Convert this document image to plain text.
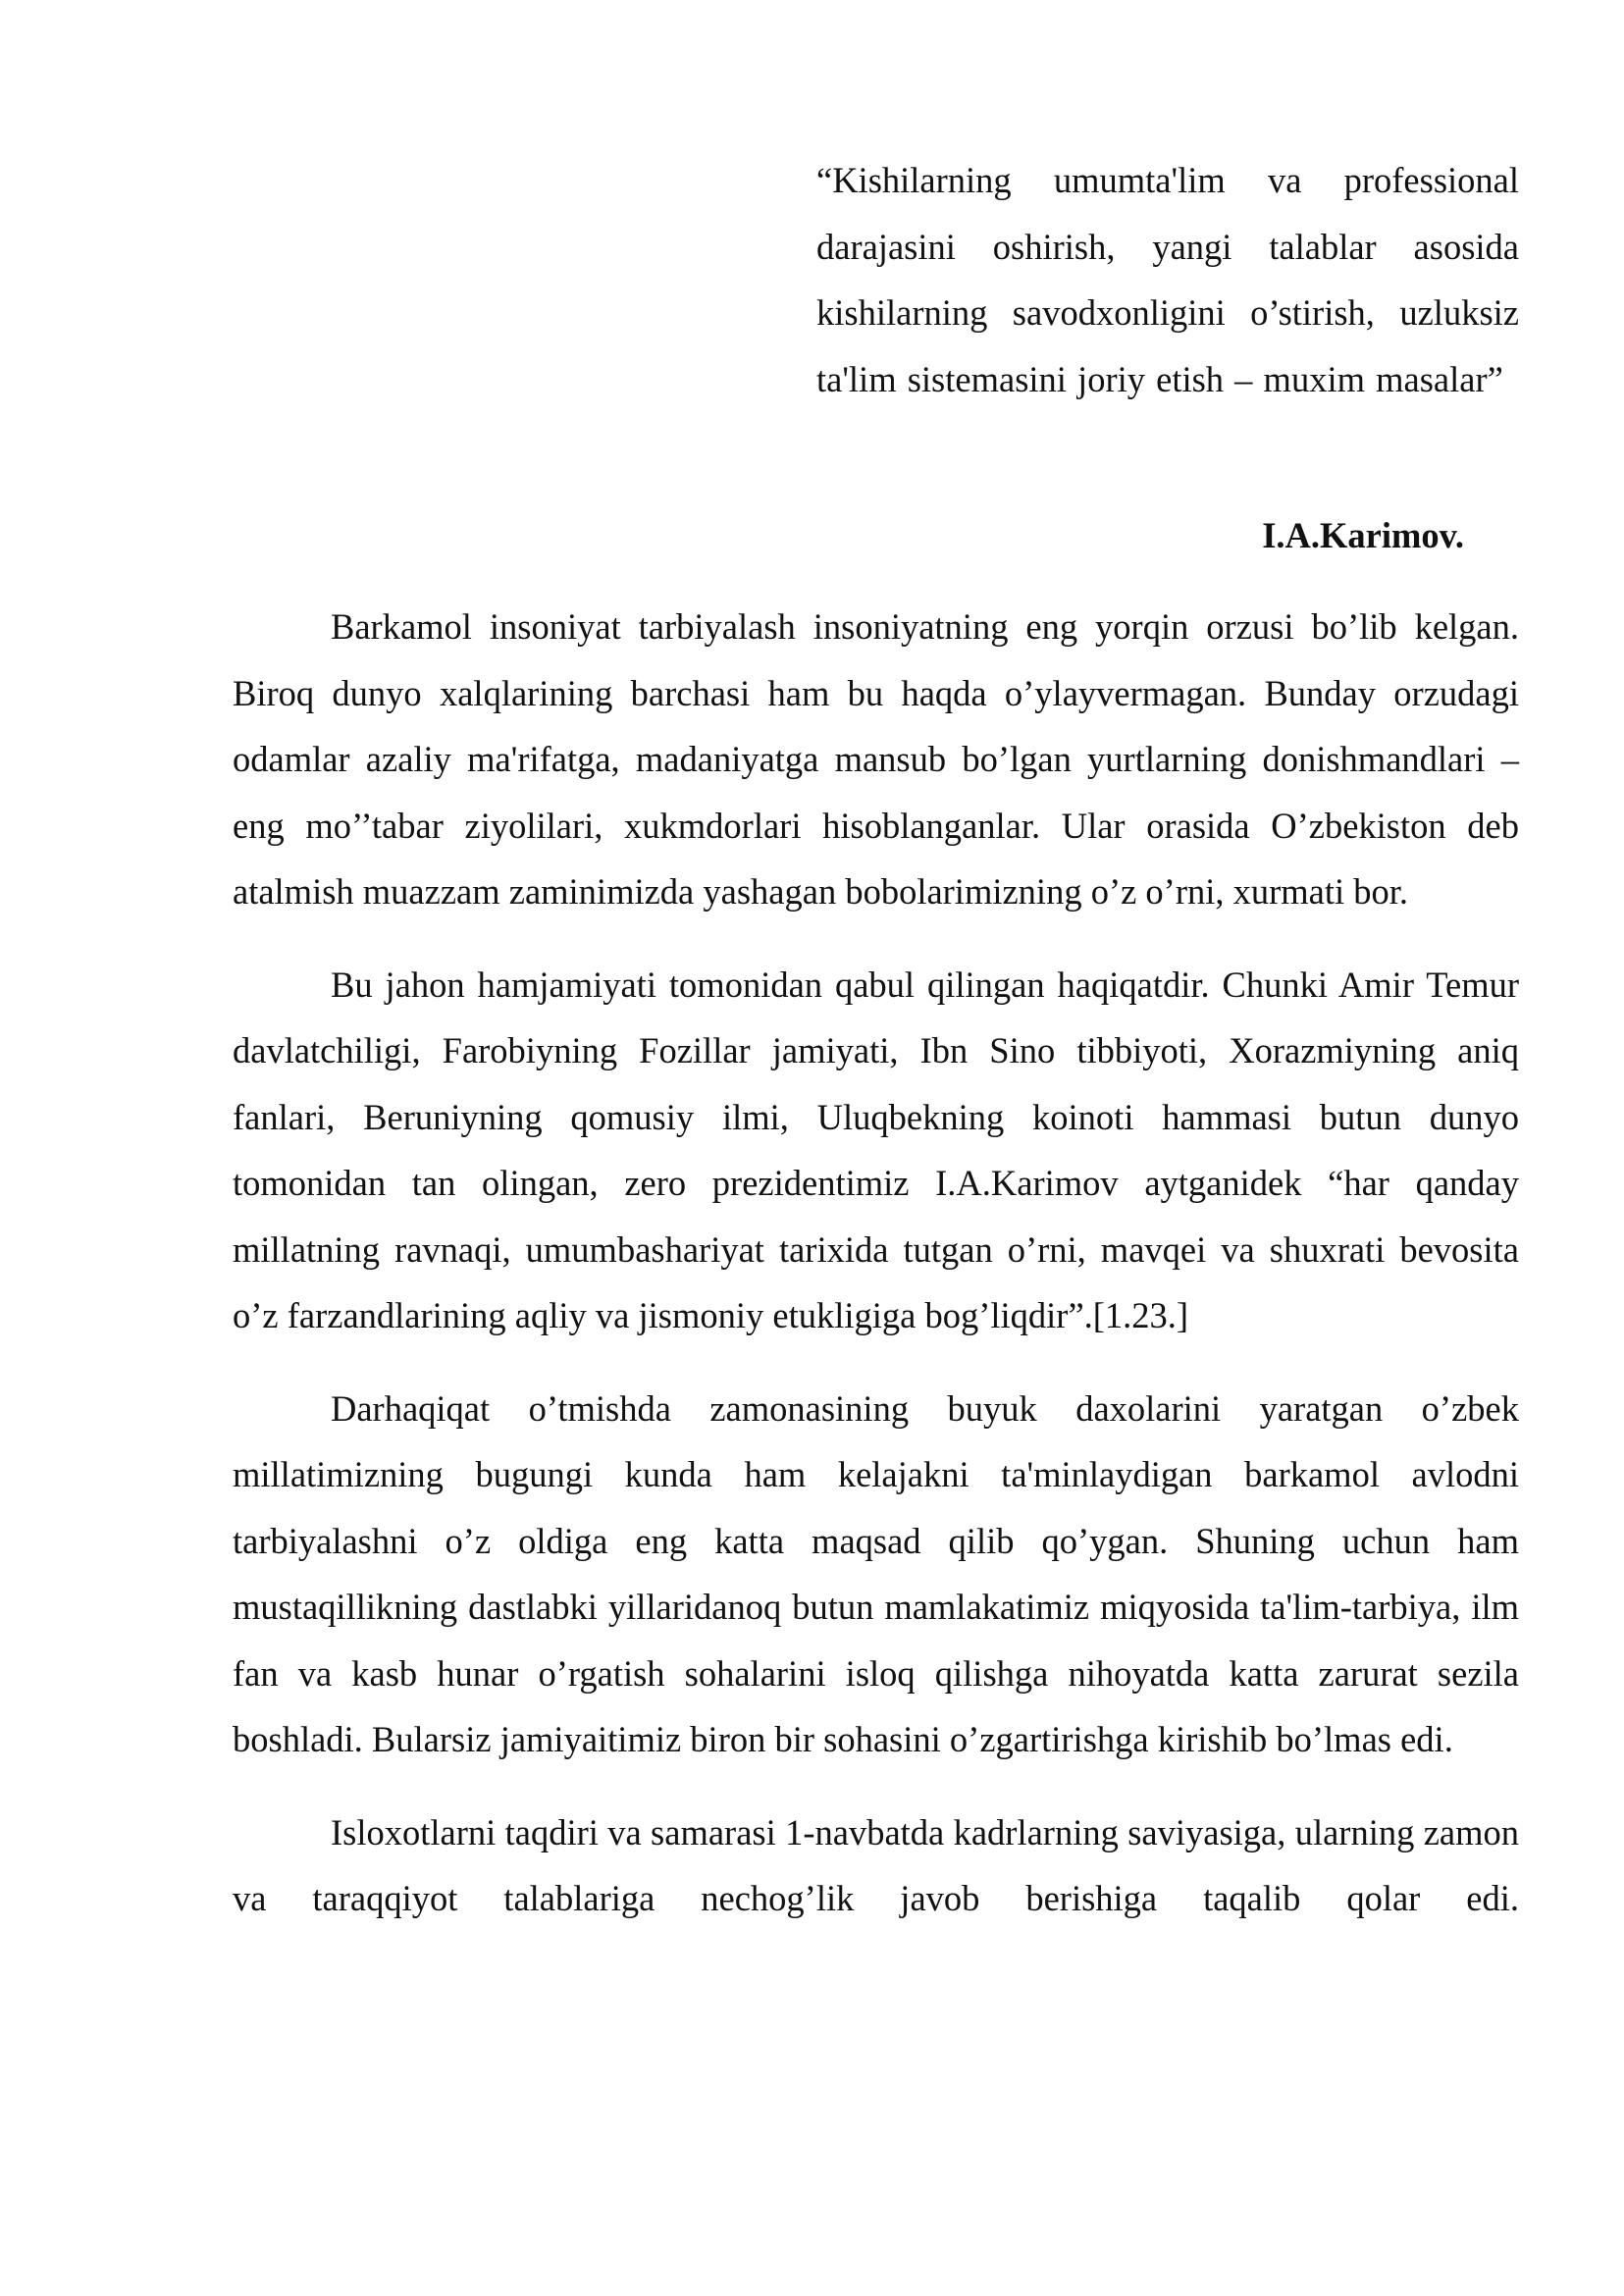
“Kishilarning umumta'lim va professional darajasini oshirish, yangi talablar asosida kishilarning savodxonligini o’stirish, uzluksiz ta'lim sistemasini joriy etish – muxim masalar”
I.A.Karimov.

Barkamol insoniyat tarbiyalash insoniyatning eng yorqin orzusi bo’lib kelgan. Biroq dunyo xalqlarining barchasi ham bu haqda o’ylayvermagan. Bunday orzudagi odamlar azaliy ma'rifatga, madaniyatga mansub bo’lgan yurtlarning donishmandlari – eng mo’’tabar ziyolilari, xukmdorlari hisoblanganlar. Ular orasida O’zbekiston deb atalmish muazzam zaminimizda yashagan bobolarimizning o’z o’rni, xurmati bor.

Bu jahon hamjamiyati tomonidan qabul qilingan haqiqatdir. Chunki Amir Temur davlatchiligi, Farobiyning Fozillar jamiyati, Ibn Sino tibbiyoti, Xorazmiyning aniq fanlari, Beruniyning qomusiy ilmi, Uluqbekning koinoti hammasi butun dunyo tomonidan tan olingan, zero prezidentimiz I.A.Karimov aytganidek “har qanday millatning ravnaqi, umumbashariyat tarixida tutgan o’rni, mavqei va shuxrati bevosita o’z farzandlarining aqliy va jismoniy etukligiga bog’liqdir”.[1.23.]

Darhaqiqat o’tmishda zamonasining buyuk daxolarini yaratgan o’zbek millatimizning bugungi kunda ham kelajakni ta'minlaydigan barkamol avlodni tarbiyalashni o’z oldiga eng katta maqsad qilib qo’ygan. Shuning uchun ham mustaqillikning dastlabki yillaridanoq butun mamlakatimiz miqyosida ta'lim-tarbiya, ilm fan va kasb hunar o’rgatish sohalarini isloq qilishga nihoyatda katta zarurat sezila boshladi. Bularsiz jamiyaitimiz biron bir sohasini o’zgartirishga kirishib bo’lmas edi.

Isloxotlarni taqdiri va samarasi 1-navbatda kadrlarning saviyasiga, ularning zamon va taraqqiyot talablariga nechog’lik javob berishiga taqalib qolar edi.
